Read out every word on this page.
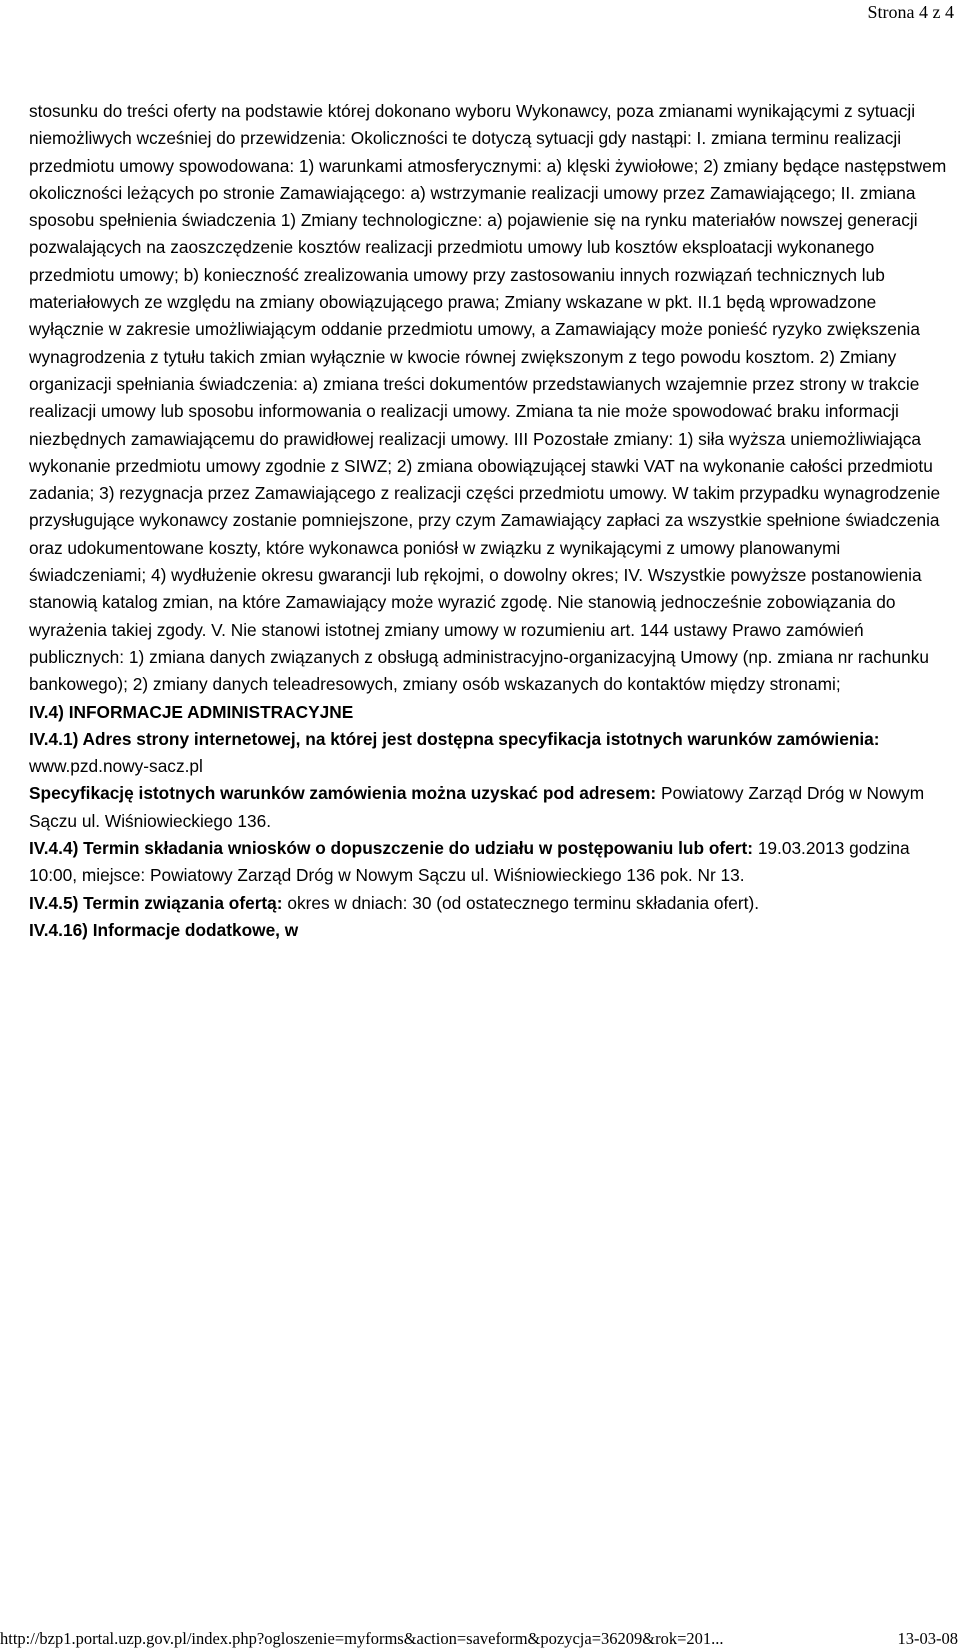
Strona 4 z 4

stosunku do treści oferty na podstawie której dokonano wyboru Wykonawcy, poza zmianami wynikającymi z sytuacji niemożliwych wcześniej do przewidzenia: Okoliczności te dotyczą sytuacji gdy nastąpi: I. zmiana terminu realizacji przedmiotu umowy spowodowana: 1) warunkami atmosferycznymi: a) klęski żywiołowe; 2) zmiany będące następstwem okoliczności leżących po stronie Zamawiającego: a) wstrzymanie realizacji umowy przez Zamawiającego; II. zmiana sposobu spełnienia świadczenia 1) Zmiany technologiczne: a) pojawienie się na rynku materiałów nowszej generacji pozwalających na zaoszczędzenie kosztów realizacji przedmiotu umowy lub kosztów eksploatacji wykonanego przedmiotu umowy; b) konieczność zrealizowania umowy przy zastosowaniu innych rozwiązań technicznych lub materiałowych ze względu na zmiany obowiązującego prawa; Zmiany wskazane w pkt. II.1 będą wprowadzone wyłącznie w zakresie umożliwiającym oddanie przedmiotu umowy, a Zamawiający może ponieść ryzyko zwiększenia wynagrodzenia z tytułu takich zmian wyłącznie w kwocie równej zwiększonym z tego powodu kosztom. 2) Zmiany organizacji spełniania świadczenia: a) zmiana treści dokumentów przedstawianych wzajemnie przez strony w trakcie realizacji umowy lub sposobu informowania o realizacji umowy. Zmiana ta nie może spowodować braku informacji niezbędnych zamawiającemu do prawidłowej realizacji umowy. III Pozostałe zmiany: 1) siła wyższa uniemożliwiająca wykonanie przedmiotu umowy zgodnie z SIWZ; 2) zmiana obowiązującej stawki VAT na wykonanie całości przedmiotu zadania; 3) rezygnacja przez Zamawiającego z realizacji części przedmiotu umowy. W takim przypadku wynagrodzenie przysługujące wykonawcy zostanie pomniejszone, przy czym Zamawiający zapłaci za wszystkie spełnione świadczenia oraz udokumentowane koszty, które wykonawca poniósł w związku z wynikającymi z umowy planowanymi świadczeniami; 4) wydłużenie okresu gwarancji lub rękojmi, o dowolny okres; IV. Wszystkie powyższe postanowienia stanowią katalog zmian, na które Zamawiający może wyrazić zgodę. Nie stanowią jednocześnie zobowiązania do wyrażenia takiej zgody. V. Nie stanowi istotnej zmiany umowy w rozumieniu art. 144 ustawy Prawo zamówień publicznych: 1) zmiana danych związanych z obsługą administracyjno-organizacyjną Umowy (np. zmiana nr rachunku bankowego); 2) zmiany danych teleadresowych, zmiany osób wskazanych do kontaktów między stronami;

IV.4) INFORMACJE ADMINISTRACYJNE

IV.4.1) Adres strony internetowej, na której jest dostępna specyfikacja istotnych warunków zamówienia: www.pzd.nowy-sacz.pl

Specyfikację istotnych warunków zamówienia można uzyskać pod adresem: Powiatowy Zarząd Dróg w Nowym Sączu ul. Wiśniowieckiego 136.

IV.4.4) Termin składania wniosków o dopuszczenie do udziału w postępowaniu lub ofert: 19.03.2013 godzina 10:00, miejsce: Powiatowy Zarząd Dróg w Nowym Sączu ul. Wiśniowieckiego 136 pok. Nr 13.

IV.4.5) Termin związania ofertą: okres w dniach: 30 (od ostatecznego terminu składania ofert).

IV.4.16) Informacje dodatkowe, w

http://bzp1.portal.uzp.gov.pl/index.php?ogloszenie=myforms&action=saveform&pozycja=36209&rok=201...	13-03-08
